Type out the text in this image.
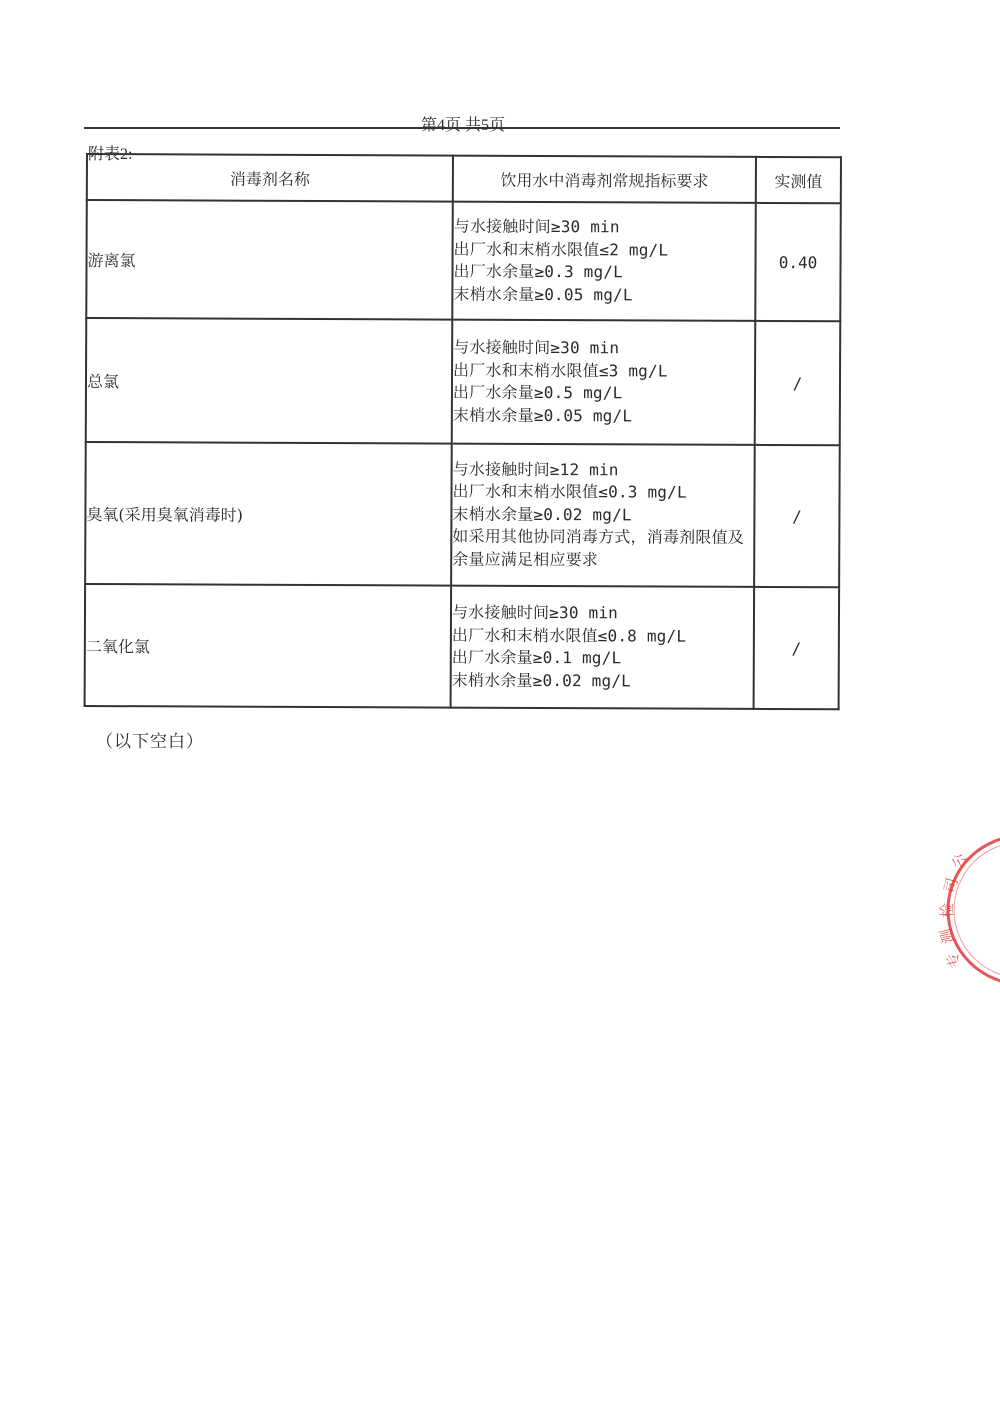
第4页 共5页
附表2:
消毒剂名称	饮用水中消毒剂常规指标要求	实测值
游离氯	与水接触时间≥30 min
出厂水和末梢水限值≤2 mg/L
出厂水余量≥0.3 mg/L
末梢水余量≥0.05 mg/L	0.40
总氯	与水接触时间≥30 min
出厂水和末梢水限值≤3 mg/L
出厂水余量≥0.5 mg/L
末梢水余量≥0.05 mg/L	/
臭氧(采用臭氧消毒时)	与水接触时间≥12 min
出厂水和末梢水限值≤0.3 mg/L
末梢水余量≥0.02 mg/L
如采用其他协同消毒方式，消毒剂限值及余量应满足相应要求	/
二氧化氯	与水接触时间≥30 min
出厂水和末梢水限值≤0.8 mg/L
出厂水余量≥0.1 mg/L
末梢水余量≥0.02 mg/L	/
（以下空白）
公
司
检
测
专
